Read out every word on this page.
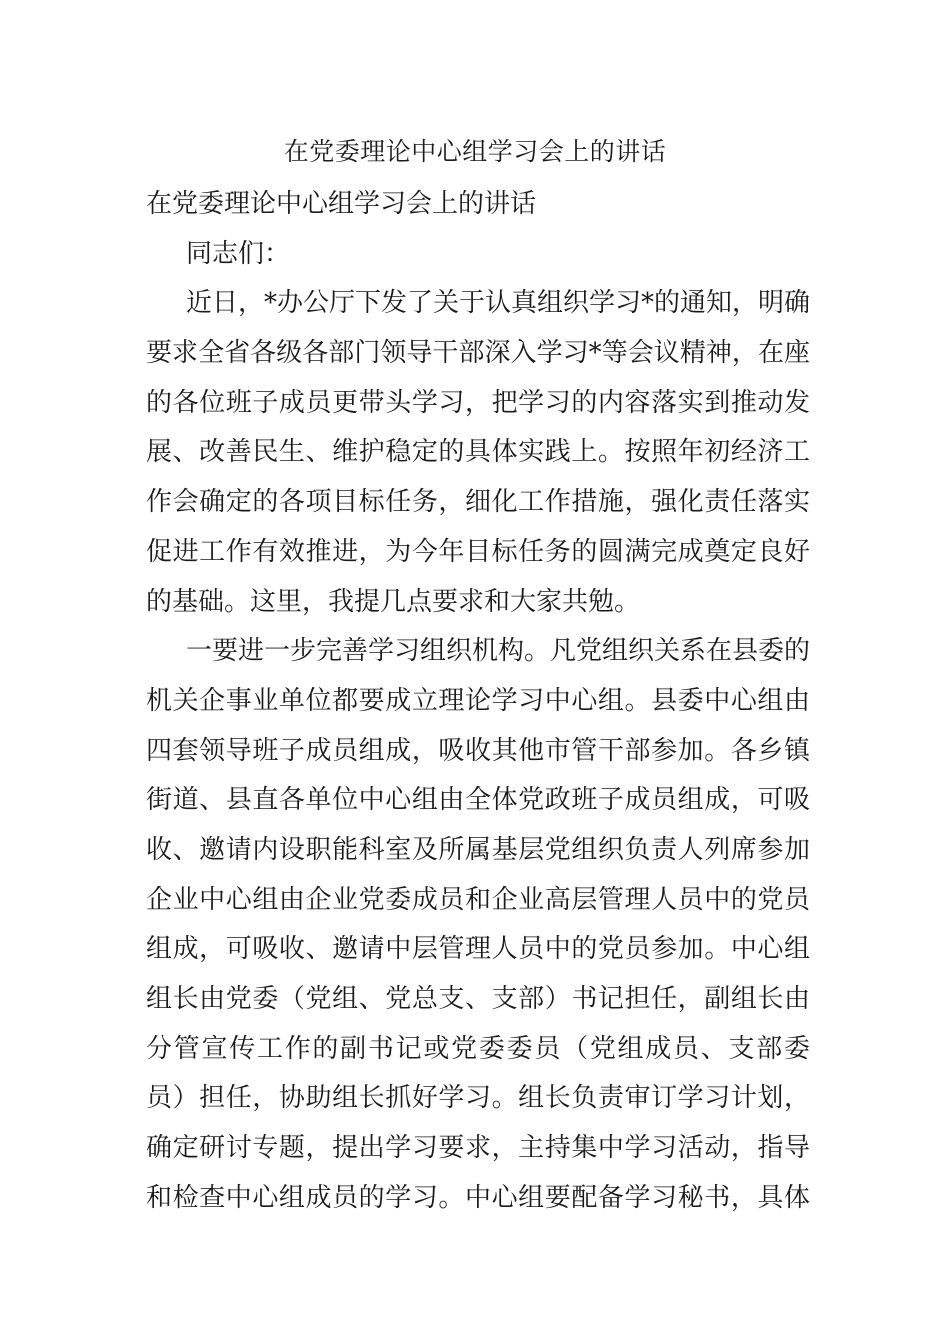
在党委理论中心组学习会上的讲话
在党委理论中心组学习会上的讲话
同志们：
近日，*办公厅下发了关于认真组织学习*的通知，明确
要求全省各级各部门领导干部深入学习*等会议精神，在座
的各位班子成员更带头学习，把学习的内容落实到推动发
展、改善民生、维护稳定的具体实践上。按照年初经济工
作会确定的各项目标任务，细化工作措施，强化责任落实
促进工作有效推进，为今年目标任务的圆满完成奠定良好
的基础。这里，我提几点要求和大家共勉。
一要进一步完善学习组织机构。凡党组织关系在县委的
机关企事业单位都要成立理论学习中心组。县委中心组由
四套领导班子成员组成，吸收其他市管干部参加。各乡镇
街道、县直各单位中心组由全体党政班子成员组成，可吸
收、邀请内设职能科室及所属基层党组织负责人列席参加
企业中心组由企业党委成员和企业高层管理人员中的党员
组成，可吸收、邀请中层管理人员中的党员参加。中心组
组长由党委（党组、党总支、支部）书记担任，副组长由
分管宣传工作的副书记或党委委员（党组成员、支部委
员）担任，协助组长抓好学习。组长负责审订学习计划，
确定研讨专题，提出学习要求，主持集中学习活动，指导
和检查中心组成员的学习。中心组要配备学习秘书，具体
